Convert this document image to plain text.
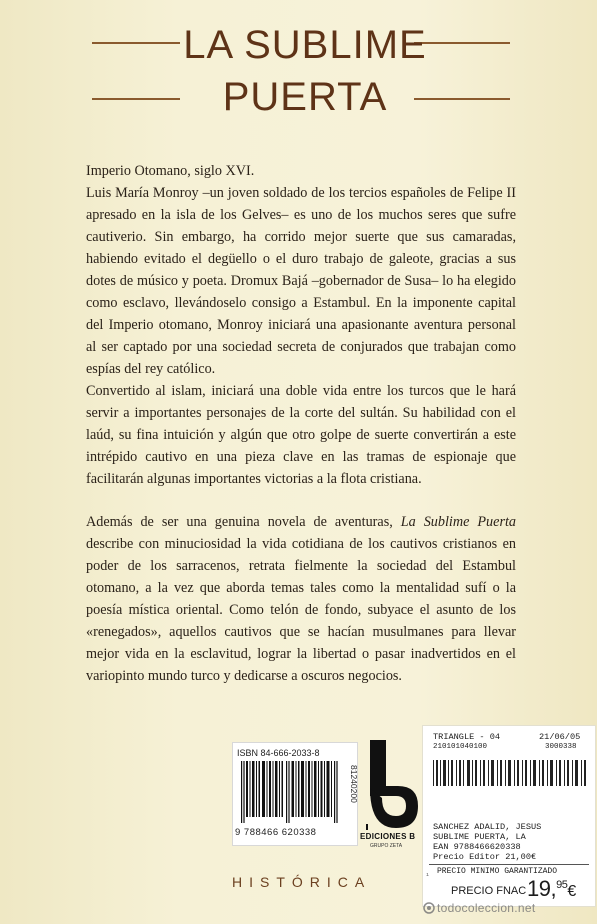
LA SUBLIME
PUERTA

Imperio Otomano, siglo XVI.

Luis María Monroy –un joven soldado de los tercios españoles de Felipe II apresado en la isla de los Gelves– es uno de los muchos seres que sufre cautiverio. Sin embargo, ha corrido mejor suerte que sus camaradas, habiendo evitado el degüello o el duro trabajo de galeote, gracias a sus dotes de músico y poeta. Dromux Bajá –gobernador de Susa– lo ha elegido como esclavo, llevándoselo consigo a Estambul. En la imponente capital del Imperio otomano, Monroy iniciará una apasionante aventura personal al ser captado por una sociedad secreta de conjurados que trabajan como espías del rey católico.

Convertido al islam, iniciará una doble vida entre los turcos que le hará servir a importantes personajes de la corte del sultán. Su habilidad con el laúd, su fina intuición y algún que otro golpe de suerte convertirán a este intrépido cautivo en una pieza clave en las tramas de espionaje que facilitarán algunas importantes victorias a la flota cristiana.

Además de ser una genuina novela de aventuras, La Sublime Puerta describe con minuciosidad la vida cotidiana de los cautivos cristianos en poder de los sarracenos, retrata fielmente la sociedad del Estambul otomano, a la vez que aborda temas tales como la mentalidad sufí o la poesía mística oriental. Como telón de fondo, subyace el asunto de los «renegados», aquellos cautivos que se hacían musulmanes para llevar mejor vida en la esclavitud, lograr la libertad o pasar inadvertidos en el variopinto mundo turco y dedicarse a oscuros negocios.

ISBN 84-666-2033-8
9 788466 620338
81240200
EDICIONES B
GRUPO ZETA
TRIANGLE - 04	21/06/05
210101040100	3000338
SANCHEZ ADALID, JESUS
SUBLIME PUERTA, LA
EAN 9788466620338
Precio Editor 21,00€
PRECIO MINIMO GARANTIZADO
ı
PRECIO FNAC 19,95€
HISTÓRICA
todocoleccion.net
